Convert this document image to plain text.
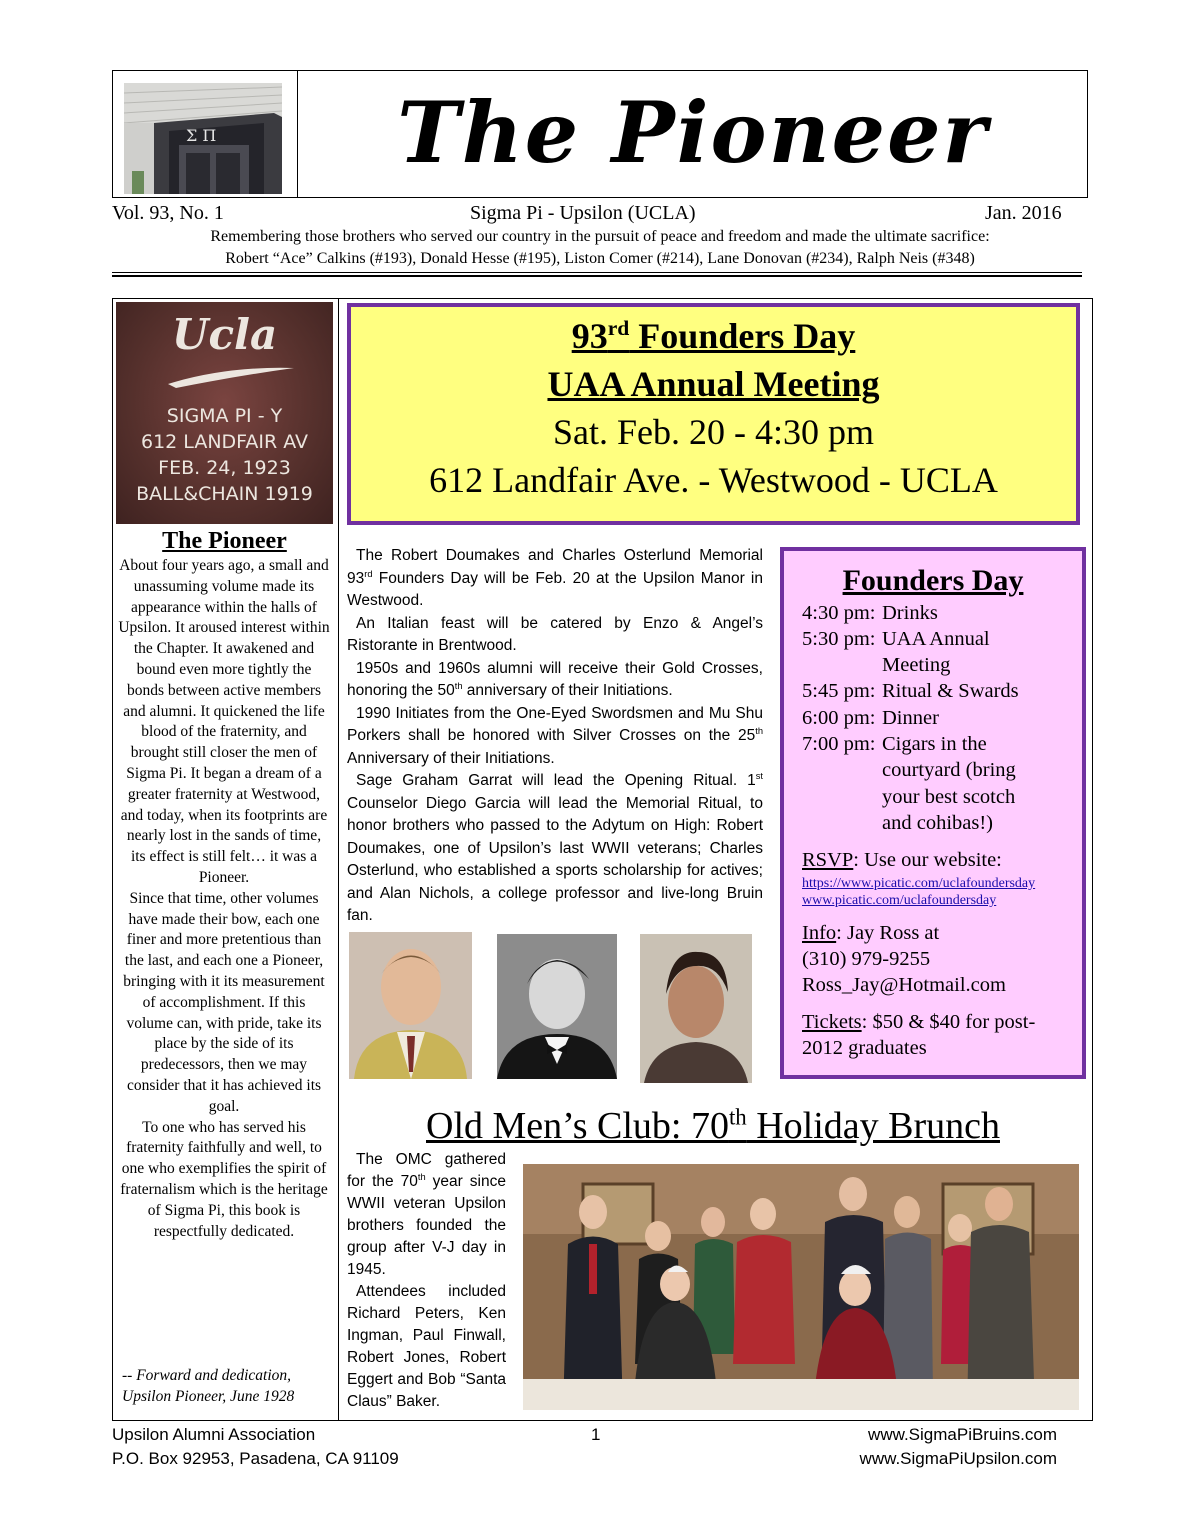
Σ Π	The Pioneer
Vol. 93, No. 1	Sigma Pi - Upsilon (UCLA)	Jan. 2016
Remembering those brothers who served our country in the pursuit of peace and freedom and made the ultimate sacrifice:
Robert “Ace” Calkins (#193), Donald Hesse (#195), Liston Comer (#214), Lane Donovan (#234), Ralph Neis (#348)
Ucla
SIGMA PI - Y
612 LANDFAIR AV
FEB. 24, 1923
BALL&CHAIN 1919
The Pioneer

About four years ago, a small and unassuming volume made its appearance within the halls of Upsilon. It aroused interest within the Chapter. It awakened and bound even more tightly the bonds between active members and alumni. It quickened the life blood of the fraternity, and brought still closer the men of Sigma Pi. It began a dream of a greater fraternity at Westwood, and today, when its footprints are nearly lost in the sands of time, its effect is still felt… it was a Pioneer.

Since that time, other volumes have made their bow, each one finer and more pretentious than the last, and each one a Pioneer, bringing with it its measurement of accomplishment. If this volume can, with pride, take its place by the side of its predecessors, then we may consider that it has achieved its goal.

To one who has served his fraternity faithfully and well, to one who exemplifies the spirit of fraternalism which is the heritage of Sigma Pi, this book is respectfully dedicated.

-- Forward and dedication,
Upsilon Pioneer, June 1928
93rd Founders Day
UAA Annual Meeting
Sat. Feb. 20 - 4:30 pm
612 Landfair Ave. - Westwood - UCLA

The Robert Doumakes and Charles Osterlund Memorial 93rd Founders Day will be Feb. 20 at the Upsilon Manor in Westwood.

An Italian feast will be catered by Enzo & Angel’s Ristorante in Brentwood.

1950s and 1960s alumni will receive their Gold Crosses, honoring the 50th anniversary of their Initiations.

1990 Initiates from the One-Eyed Swordsmen and Mu Shu Porkers shall be honored with Silver Crosses on the 25th Anniversary of their Initiations.

Sage Graham Garrat will lead the Opening Ritual. 1st Counselor Diego Garcia will lead the Memorial Ritual, to honor brothers who passed to the Adytum on High: Robert Doumakes, one of Upsilon’s last WWII veterans; Charles Osterlund, who established a sports scholarship for actives; and Alan Nichols, a college professor and live-long Bruin fan.

Founders Day
4:30 pm: Drinks
5:30 pm: UAA Annual
Meeting
5:45 pm: Ritual & Swards
6:00 pm: Dinner
7:00 pm: Cigars in the
courtyard (bring
your best scotch
and cohibas!)
RSVP: Use our website:
https://www.picatic.com/uclafoundersday
www.picatic.com/uclafoundersday
Info: Jay Ross at
(310) 979-9255
Ross_Jay@Hotmail.com
Tickets: $50 & $40 for post-
2012 graduates
Old Men’s Club: 70th Holiday Brunch

The OMC gathered for the 70th year since WWII veteran Upsilon brothers founded the group after V-J day in 1945.

Attendees included Richard Peters, Ken Ingman, Paul Finwall, Robert Jones, Robert Eggert and Bob “Santa Claus” Baker.

Upsilon Alumni Association
P.O. Box 92953, Pasadena, CA 91109
1	www.SigmaPiBruins.com
www.SigmaPiUpsilon.com
